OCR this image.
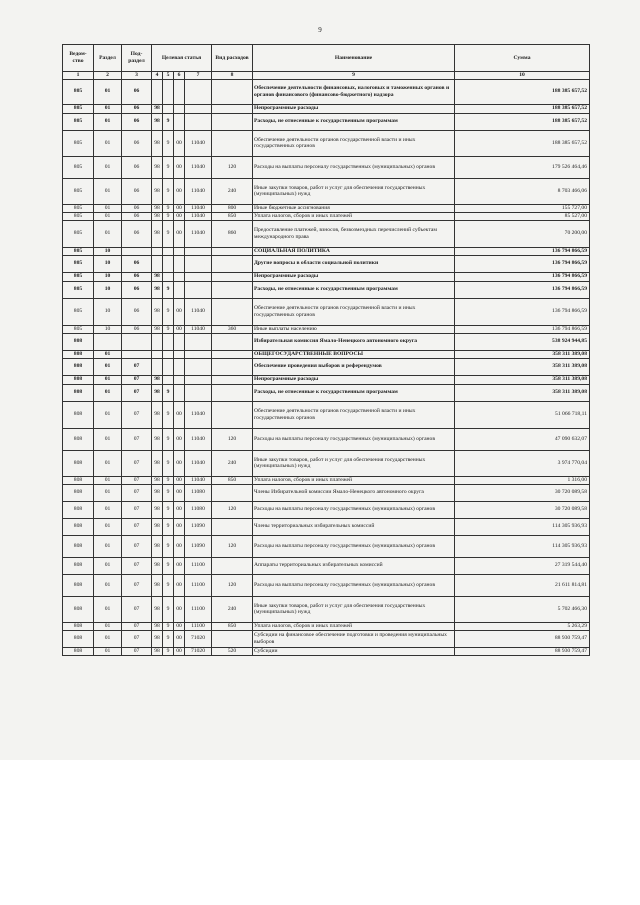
9
Ведом-ство	Раздел	Под-раздел	Целевая статья				Вид расходов	Наименование	Сумма
1	2	3	4	5	6	7	8	9	10
805	01	06						Обеспечение деятельности финансовых, налоговых и таможенных органов и органов финансового (финансово-бюджетного) надзора	188 385 657,52
805	01	06	98					Непрограммные расходы	188 385 657,52
805	01	06	98	9				Расходы, не отнесенные к государственным программам	188 385 657,52
805	01	06	98	9	00	11040		Обеспечение деятельности органов государственной власти и иных государственных органов	188 385 657,52
805	01	06	98	9	00	11040	120	Расходы на выплаты персоналу государственных (муниципальных) органов	179 526 464,46
805	01	06	98	9	00	11040	240	Иные закупки товаров, работ и услуг для обеспечения государственных (муниципальных) нужд	8 703 466,06
805	01	06	98	9	00	11040	800	Иные бюджетные ассигнования	155 727,00
805	01	06	98	9	00	11040	850	Уплата налогов, сборов и иных платежей	85 527,00
805	01	06	98	9	00	11040	860	Предоставление платежей, взносов, безвозмездных перечислений субъектам международного права	70 200,00
805	10							СОЦИАЛЬНАЯ ПОЛИТИКА	136 794 866,59
805	10	06						Другие вопросы в области социальной политики	136 794 866,59
805	10	06	98					Непрограммные расходы	136 794 866,59
805	10	06	98	9				Расходы, не отнесенные к государственным программам	136 794 866,59
805	10	06	98	9	00	11040		Обеспечение деятельности органов государственной власти и иных государственных органов	136 794 866,59
805	10	06	98	9	00	11040	360	Иные выплаты населению	136 794 866,59
808								Избирательная комиссия Ямало-Ненецкого автономного округа	538 924 944,85
808	01							ОБЩЕГОСУДАРСТВЕННЫЕ ВОПРОСЫ	358 311 389,08
808	01	07						Обеспечение проведения выборов и референдумов	358 311 389,08
808	01	07	98					Непрограммные расходы	358 311 389,08
808	01	07	98	9				Расходы, не отнесенные к государственным программам	358 311 389,08
808	01	07	98	9	00	11040		Обеспечение деятельности органов государственной власти и иных государственных органов	51 066 718,11
808	01	07	98	9	00	11040	120	Расходы на выплаты персоналу государственных (муниципальных) органов	47 090 632,07
808	01	07	98	9	00	11040	240	Иные закупки товаров, работ и услуг для обеспечения государственных (муниципальных) нужд	3 974 770,04
808	01	07	98	9	00	11040	850	Уплата налогов, сборов и иных платежей	1 316,00
808	01	07	98	9	00	11080		Члены Избирательной комиссии Ямало-Ненецкого автономного округа	30 720 089,58
808	01	07	98	9	00	11080	120	Расходы на выплаты персоналу государственных (муниципальных) органов	30 720 089,58
808	01	07	98	9	00	11090		Члены территориальных избирательных комиссий	114 305 936,93
808	01	07	98	9	00	11090	120	Расходы на выплаты персоналу государственных (муниципальных) органов	114 305 936,93
808	01	07	98	9	00	11100		Аппараты территориальных избирательных комиссий	27 319 544,40
808	01	07	98	9	00	11100	120	Расходы на выплаты персоналу государственных (муниципальных) органов	21 611 814,81
808	01	07	98	9	00	11100	240	Иные закупки товаров, работ и услуг для обеспечения государственных (муниципальных) нужд	5 702 466,30
808	01	07	98	9	00	11100	850	Уплата налогов, сборов и иных платежей	5 263,29
808	01	07	98	9	00	71020		Субсидии на финансовое обеспечение подготовки и проведения муниципальных выборов	88 930 759,47
808	01	07	98	9	00	71020	520	Субсидии	88 930 759,47
